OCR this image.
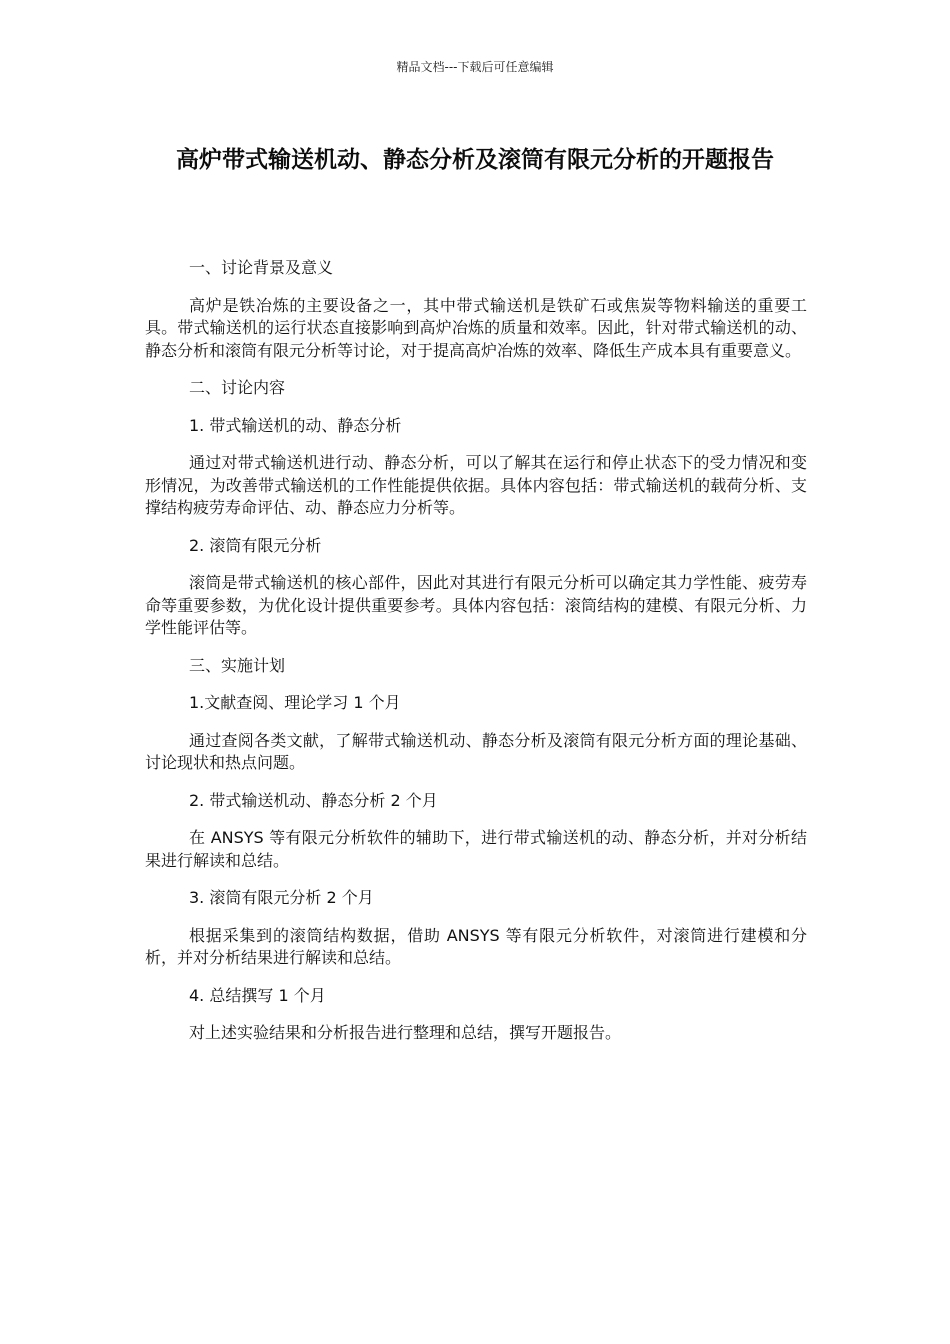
精品文档---下载后可任意编辑
高炉带式输送机动、静态分析及滚筒有限元分析的开题报告

一、讨论背景及意义

高炉是铁冶炼的主要设备之一，其中带式输送机是铁矿石或焦炭等物料输送的重要工具。带式输送机的运行状态直接影响到高炉冶炼的质量和效率。因此，针对带式输送机的动、静态分析和滚筒有限元分析等讨论，对于提高高炉冶炼的效率、降低生产成本具有重要意义。

二、讨论内容

1. 带式输送机的动、静态分析

通过对带式输送机进行动、静态分析，可以了解其在运行和停止状态下的受力情况和变形情况，为改善带式输送机的工作性能提供依据。具体内容包括：带式输送机的载荷分析、支撑结构疲劳寿命评估、动、静态应力分析等。

2. 滚筒有限元分析

滚筒是带式输送机的核心部件，因此对其进行有限元分析可以确定其力学性能、疲劳寿命等重要参数，为优化设计提供重要参考。具体内容包括：滚筒结构的建模、有限元分析、力学性能评估等。

三、实施计划

1.文献查阅、理论学习 1 个月

通过查阅各类文献，了解带式输送机动、静态分析及滚筒有限元分析方面的理论基础、讨论现状和热点问题。

2. 带式输送机动、静态分析 2 个月

在 ANSYS 等有限元分析软件的辅助下，进行带式输送机的动、静态分析，并对分析结果进行解读和总结。

3. 滚筒有限元分析 2 个月

根据采集到的滚筒结构数据，借助 ANSYS 等有限元分析软件，对滚筒进行建模和分析，并对分析结果进行解读和总结。

4. 总结撰写 1 个月

对上述实验结果和分析报告进行整理和总结，撰写开题报告。
